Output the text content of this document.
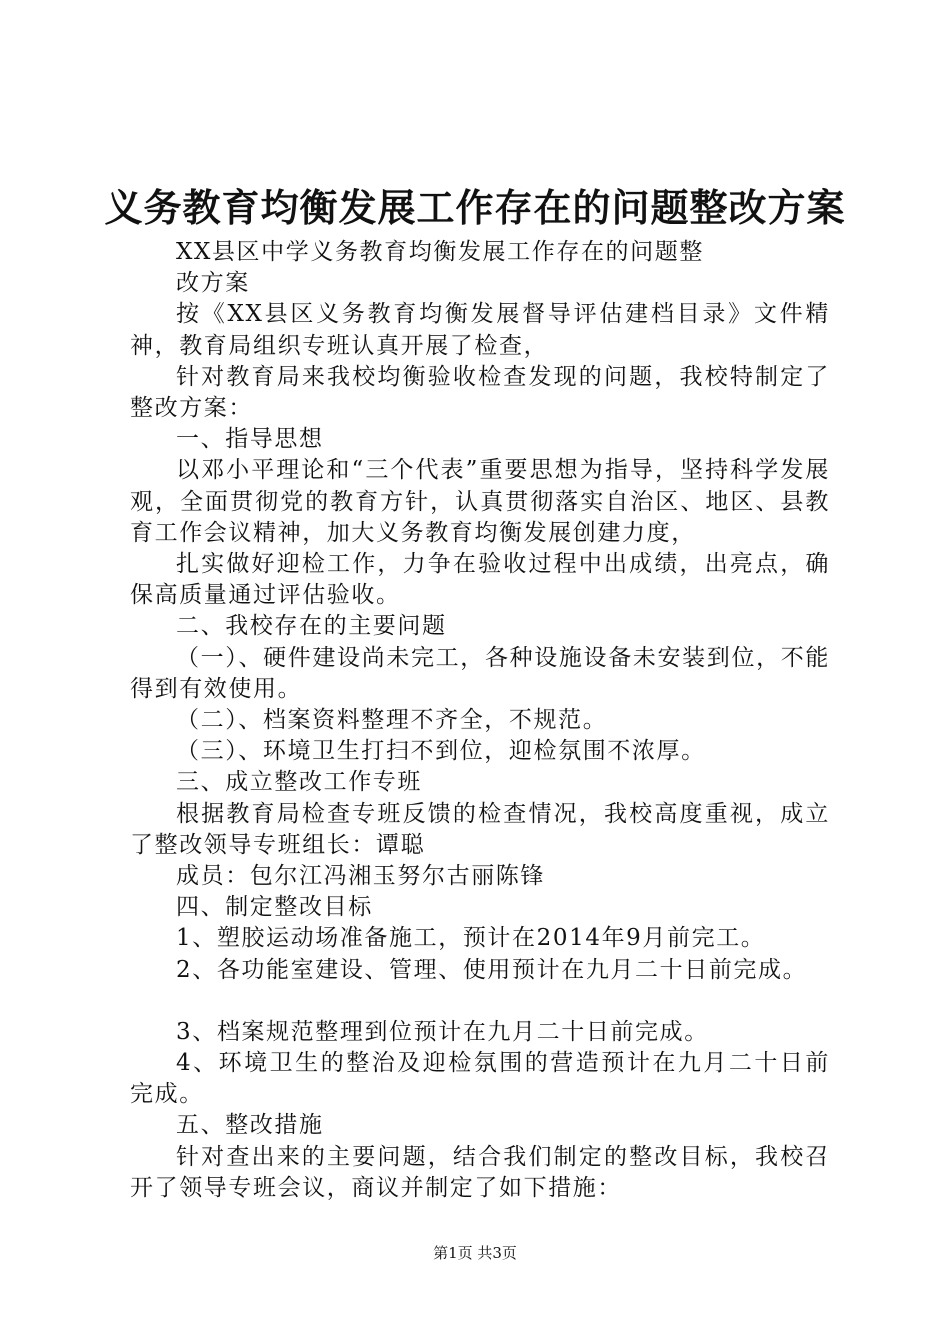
义务教育均衡发展工作存在的问题整改方案

XX县区中学义务教育均衡发展工作存在的问题整

改方案

按《XX县区义务教育均衡发展督导评估建档目录》文件精神，教育局组织专班认真开展了检查，

针对教育局来我校均衡验收检查发现的问题，我校特制定了整改方案：

一、指导思想

以邓小平理论和“三个代表”重要思想为指导，坚持科学发展观，全面贯彻党的教育方针，认真贯彻落实自治区、地区、县教育工作会议精神，加大义务教育均衡发展创建力度，

扎实做好迎检工作，力争在验收过程中出成绩，出亮点，确保高质量通过评估验收。

二、我校存在的主要问题

（一）、硬件建设尚未完工，各种设施设备未安装到位，不能得到有效使用。

（二）、档案资料整理不齐全，不规范。

（三）、环境卫生打扫不到位，迎检氛围不浓厚。

三、成立整改工作专班

根据教育局检查专班反馈的检查情况，我校高度重视，成立了整改领导专班组长：谭聪

成员：包尔江冯湘玉努尔古丽陈锋

四、制定整改目标

1、塑胶运动场准备施工，预计在2014年9月前完工。

2、各功能室建设、管理、使用预计在九月二十日前完成。

3、档案规范整理到位预计在九月二十日前完成。

4、环境卫生的整治及迎检氛围的营造预计在九月二十日前完成。

五、整改措施

针对查出来的主要问题，结合我们制定的整改目标，我校召开了领导专班会议，商议并制定了如下措施：

第1页 共3页
